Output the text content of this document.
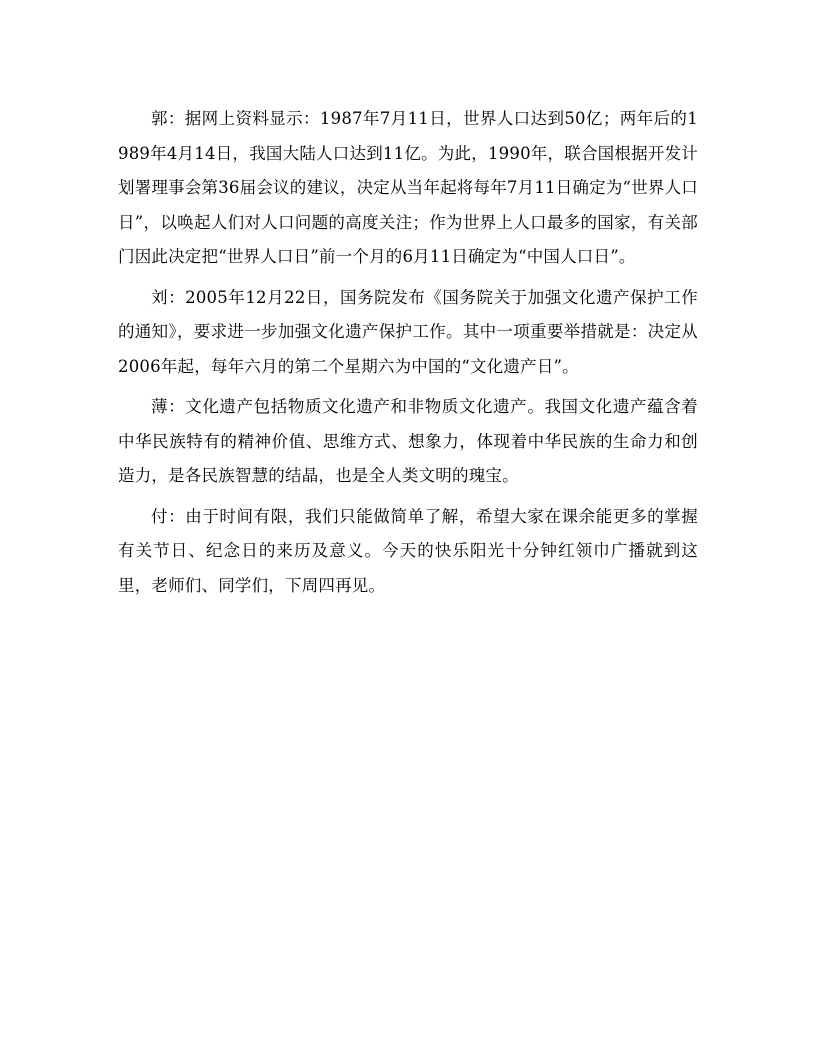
郭：据网上资料显示：1987年7月11日，世界人口达到50亿；两年后的1989年4月14日，我国大陆人口达到11亿。为此，1990年，联合国根据开发计划署理事会第36届会议的建议，决定从当年起将每年7月11日确定为“世界人口日”，以唤起人们对人口问题的高度关注；作为世界上人口最多的国家，有关部门因此决定把“世界人口日”前一个月的6月11日确定为“中国人口日”。

刘：2005年12月22日，国务院发布《国务院关于加强文化遗产保护工作的通知》，要求进一步加强文化遗产保护工作。其中一项重要举措就是：决定从2006年起，每年六月的第二个星期六为中国的“文化遗产日”。

薄：文化遗产包括物质文化遗产和非物质文化遗产。我国文化遗产蕴含着中华民族特有的精神价值、思维方式、想象力，体现着中华民族的生命力和创造力，是各民族智慧的结晶，也是全人类文明的瑰宝。

付：由于时间有限，我们只能做简单了解，希望大家在课余能更多的掌握有关节日、纪念日的来历及意义。今天的快乐阳光十分钟红领巾广播就到这里，老师们、同学们，下周四再见。
